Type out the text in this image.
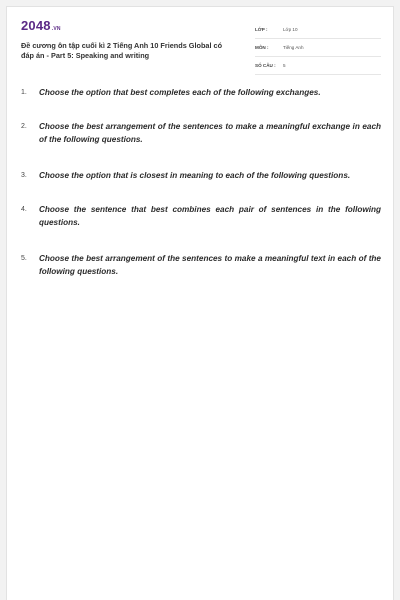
2048.VN
Đề cương ôn tập cuối kì 2 Tiếng Anh 10 Friends Global có đáp án - Part 5: Speaking and writing
LỚP :	Lớp 10
MÔN :	Tiếng Anh
SỐ CÂU :	5
1.	Choose the option that best completes each of the following exchanges.
2.	Choose the best arrangement of the sentences to make a meaningful exchange in each of the following questions.
3.	Choose the option that is closest in meaning to each of the following questions.
4.	Choose the sentence that best combines each pair of sentences in the following questions.
5.	Choose the best arrangement of the sentences to make a meaningful text in each of the following questions.
